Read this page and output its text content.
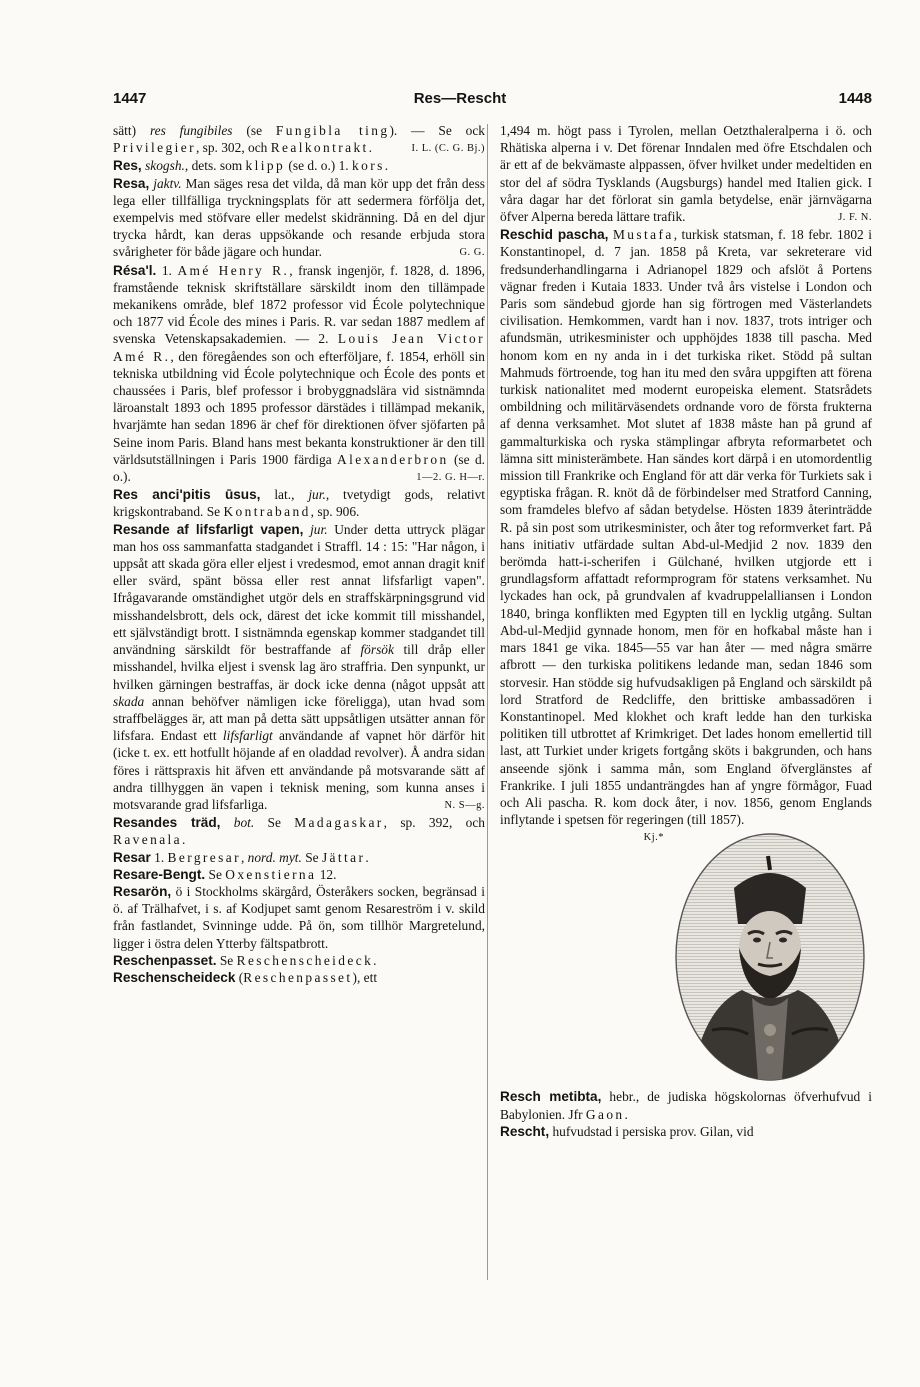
1447	Res—Rescht	1448

sätt) res fungibiles (se Fungibla ting). — Se ock Privilegier, sp. 302, och Realkontrakt.	I. L. (C. G. Bj.)

Res, skogsh., dets. som klipp (se d. o.) 1. kors.

Resa, jaktv. Man säges resa det vilda, då man kör upp det från dess lega eller tillfälliga tryckningsplats för att sedermera förfölja det, exempelvis med stöfvare eller medelst skidränning. Då en del djur trycka hårdt, kan deras uppsökande och resande erbjuda stora svårigheter för både jägare och hundar.	G. G.

Résa'l. 1. Amé Henry R., fransk ingenjör, f. 1828, d. 1896, framstående teknisk skriftställare särskildt inom den tillämpade mekanikens område, blef 1872 professor vid École polytechnique och 1877 vid École des mines i Paris. R. var sedan 1887 medlem af svenska Vetenskapsakademien. — 2. Louis Jean Victor Amé R., den föregåendes son och efterföljare, f. 1854, erhöll sin tekniska utbildning vid École polytechnique och École des ponts et chaussées i Paris, blef professor i brobyggnadslära vid sistnämnda läroanstalt 1893 och 1895 professor därstädes i tillämpad mekanik, hvarjämte han sedan 1896 är chef för direktionen öfver sjöfarten på Seine inom Paris. Bland hans mest bekanta konstruktioner är den till världsutställningen i Paris 1900 färdiga Alexanderbron (se d. o.).	1—2. G. H—r.

Res anci'pitis ūsus, lat., jur., tvetydigt gods, relativt krigskontraband. Se Kontraband, sp. 906.

Resande af lifsfarligt vapen, jur. Under detta uttryck plägar man hos oss sammanfatta stadgandet i Straffl. 14 : 15: "Har någon, i uppsåt att skada göra eller eljest i vredesmod, emot annan dragit knif eller svärd, spänt bössa eller rest annat lifsfarligt vapen". Ifrågavarande omständighet utgör dels en straffskärpningsgrund vid misshandelsbrott, dels ock, därest det icke kommit till misshandel, ett självständigt brott. I sistnämnda egenskap kommer stadgandet till användning särskildt för bestraffande af försök till dråp eller misshandel, hvilka eljest i svensk lag äro straffria. Den synpunkt, ur hvilken gärningen bestraffas, är dock icke denna (något uppsåt att skada annan behöfver nämligen icke föreligga), utan hvad som straffbelägges är, att man på detta sätt uppsåtligen utsätter annan för lifsfara. Endast ett lifsfarligt användande af vapnet hör därför hit (icke t. ex. ett hotfullt höjande af en oladdad revolver). Å andra sidan föres i rättspraxis hit äfven ett användande på motsvarande sätt af andra tillhyggen än vapen i teknisk mening, som kunna anses i motsvarande grad lifsfarliga.	N. S—g.

Resandes träd, bot. Se Madagaskar, sp. 392, och Ravenala.

Resar 1. Bergresar, nord. myt. Se Jättar.

Resare-Bengt. Se Oxenstierna 12.

Resarön, ö i Stockholms skärgård, Österåkers socken, begränsad i ö. af Trälhafvet, i s. af Kodjupet samt genom Resareström i v. skild från fastlandet, Svinninge udde. På ön, som tillhör Margretelund, ligger i östra delen Ytterby fältspatbrott.

Reschenpasset. Se Reschenscheideck.

Reschenscheideck (Reschenpasset), ett

1,494 m. högt pass i Tyrolen, mellan Oetzthaleralperna i ö. och Rhätiska alperna i v. Det förenar Inndalen med öfre Etschdalen och är ett af de bekvämaste alppassen, öfver hvilket under medeltiden en stor del af södra Tysklands (Augsburgs) handel med Italien gick. I våra dagar har det förlorat sin gamla betydelse, enär järnvägarna öfver Alperna bereda lättare trafik.	J. F. N.

Reschid pascha, Mustafa, turkisk statsman, f. 18 febr. 1802 i Konstantinopel, d. 7 jan. 1858 på Kreta, var sekreterare vid fredsunderhandlingarna i Adrianopel 1829 och afslöt å Portens vägnar freden i Kutaia 1833. Under två års vistelse i London och Paris som sändebud gjorde han sig förtrogen med Västerlandets civilisation. Hemkommen, vardt han i nov. 1837, trots intriger och afundsmän, utrikesminister och upphöjdes 1838 till pascha. Med honom kom en ny anda in i det turkiska riket. Stödd på sultan Mahmuds förtroende, tog han itu med den svåra uppgiften att förena turkisk nationalitet med modernt europeiska element. Statsrådets ombildning och militärväsendets ordnande voro de första frukterna af denna verksamhet. Mot slutet af 1838 måste han på grund af gammalturkiska och ryska stämplingar afbryta reformarbetet och lämna sitt ministerämbete. Han sändes kort därpå i en utomordentlig mission till Frankrike och England för att där verka för Turkiets sak i egyptiska frågan. R. knöt då de förbindelser med Stratford Canning, som framdeles blefvo af sådan betydelse. Hösten 1839 återinträdde R. på sin post som utrikesminister, och åter tog reformverket fart. På hans initiativ utfärdade sultan Abd-ul-Medjid 2 nov. 1839 den berömda hatt-i-scherifen i Gülchané, hvilken utgjorde ett i grundlagsform affattadt reformprogram för statens verksamhet. Nu lyckades han ock, på grundvalen af kvadruppelalliansen i London 1840, bringa konflikten med Egypten till en lycklig utgång. Sultan Abd-ul-Medjid gynnade honom, men för en hofkabal måste han i mars 1841 ge vika. 1845—55 var han åter — med några smärre afbrott — den turkiska politikens ledande man, sedan 1846 som storvesir. Han stödde sig hufvudsakligen på England och särskildt på lord Stratford de Redcliffe, den brittiske ambassadören i Konstantinopel. Med klokhet och kraft ledde han den turkiska politiken till utbrottet af Krimkriget. Det lades honom emellertid till last, att Turkiet under krigets fortgång sköts i bakgrunden, och hans anseende sjönk i samma mån, som England öfverglänstes af Frankrike. I juli 1855 undanträngdes han af yngre förmågor, Fuad och Ali pascha. R. kom dock åter, i nov. 1856, genom Englands inflytande i spetsen för regeringen (till 1857).
Kj.*

Resch metibta, hebr., de judiska högskolornas öfverhufvud i Babylonien. Jfr Gaon.

Rescht, hufvudstad i persiska prov. Gilan, vid
